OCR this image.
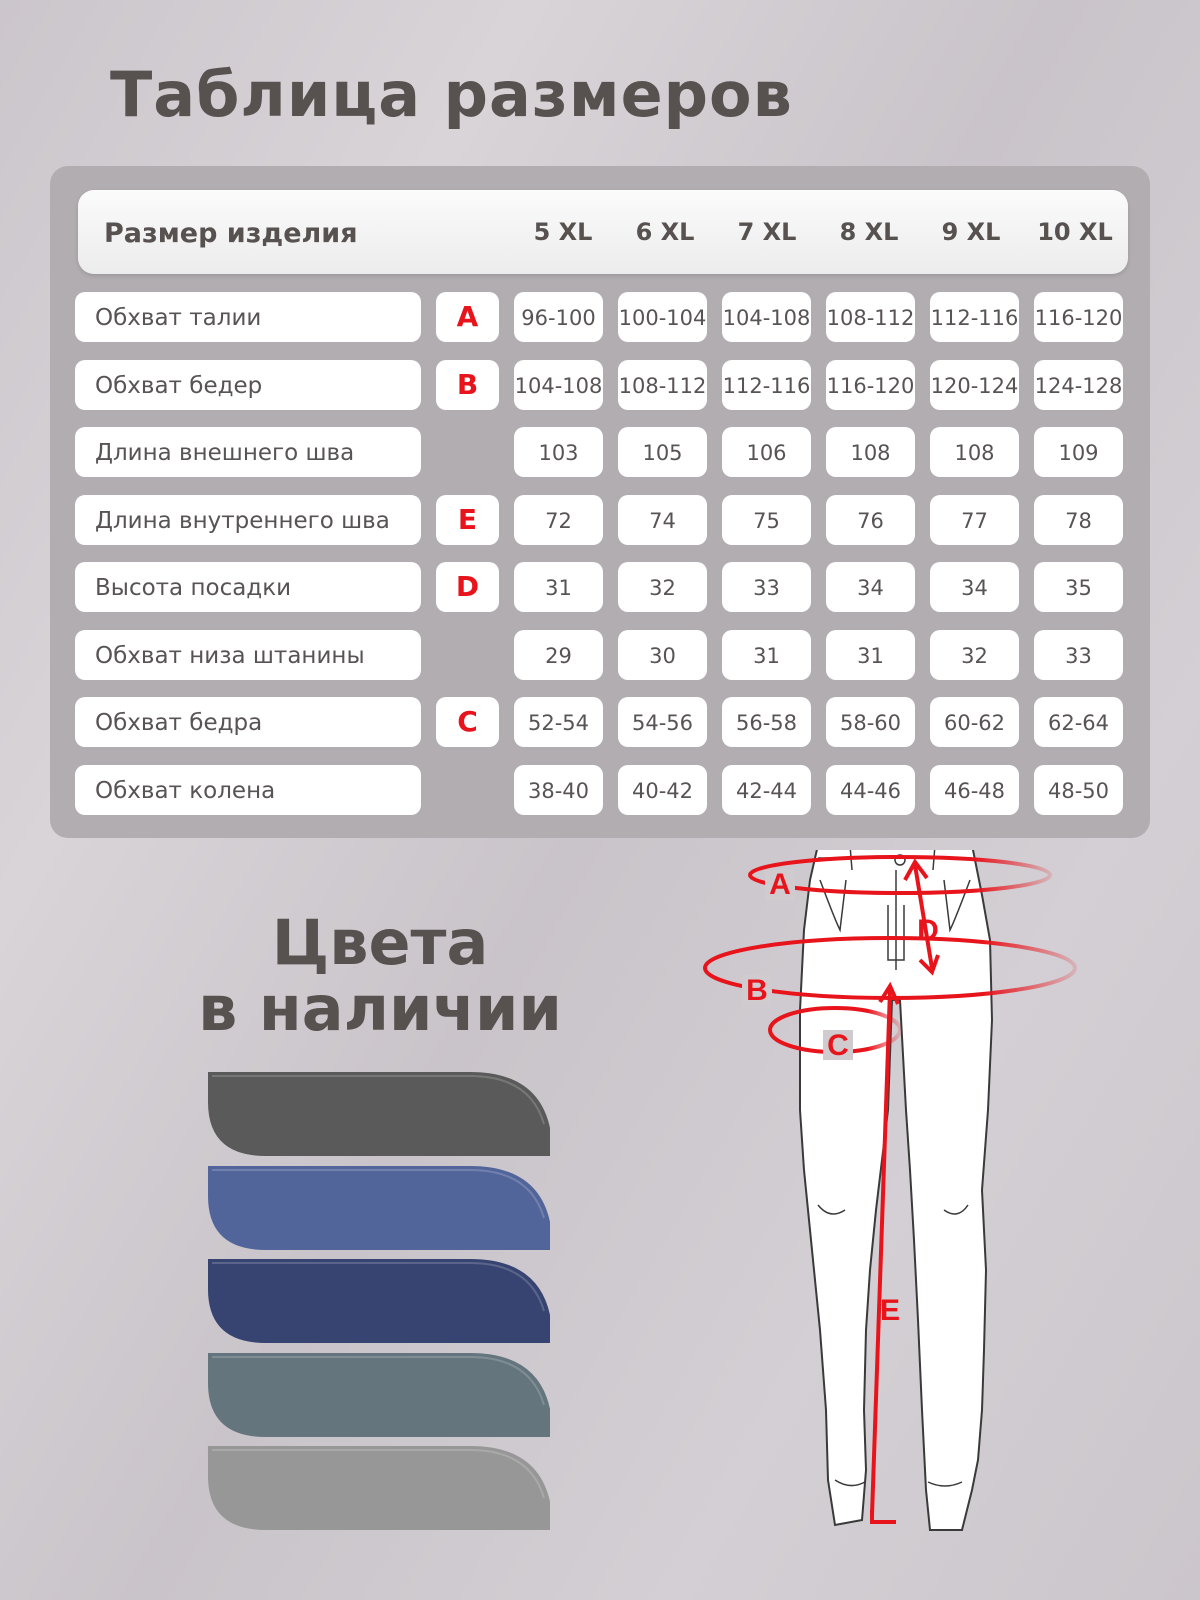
Таблица размеров
Размер изделия	5 XL	6 XL	7 XL	8 XL	9 XL	10 XL
Обхват талии	A	96-100	100-104 104-108 108-112 112-116 116-120
Обхват бедер	B	104-108 108-112 112-116 116-120 120-124 124-128
Длина внешнего шва	103	105	106	108	108	109
Длина внутреннего шва	E	72	74	75	76	77	78
Высота посадки	D	31	32	33	34	34	35
Обхват низа штанины	29	30	31	31	32	33
Обхват бедра	C	52-54	54-56	56-58	58-60	60-62	62-64
Обхват колена	38-40	40-42	42-44	44-46	46-48	48-50
Цвета
в наличии
A
D
B
C
E
